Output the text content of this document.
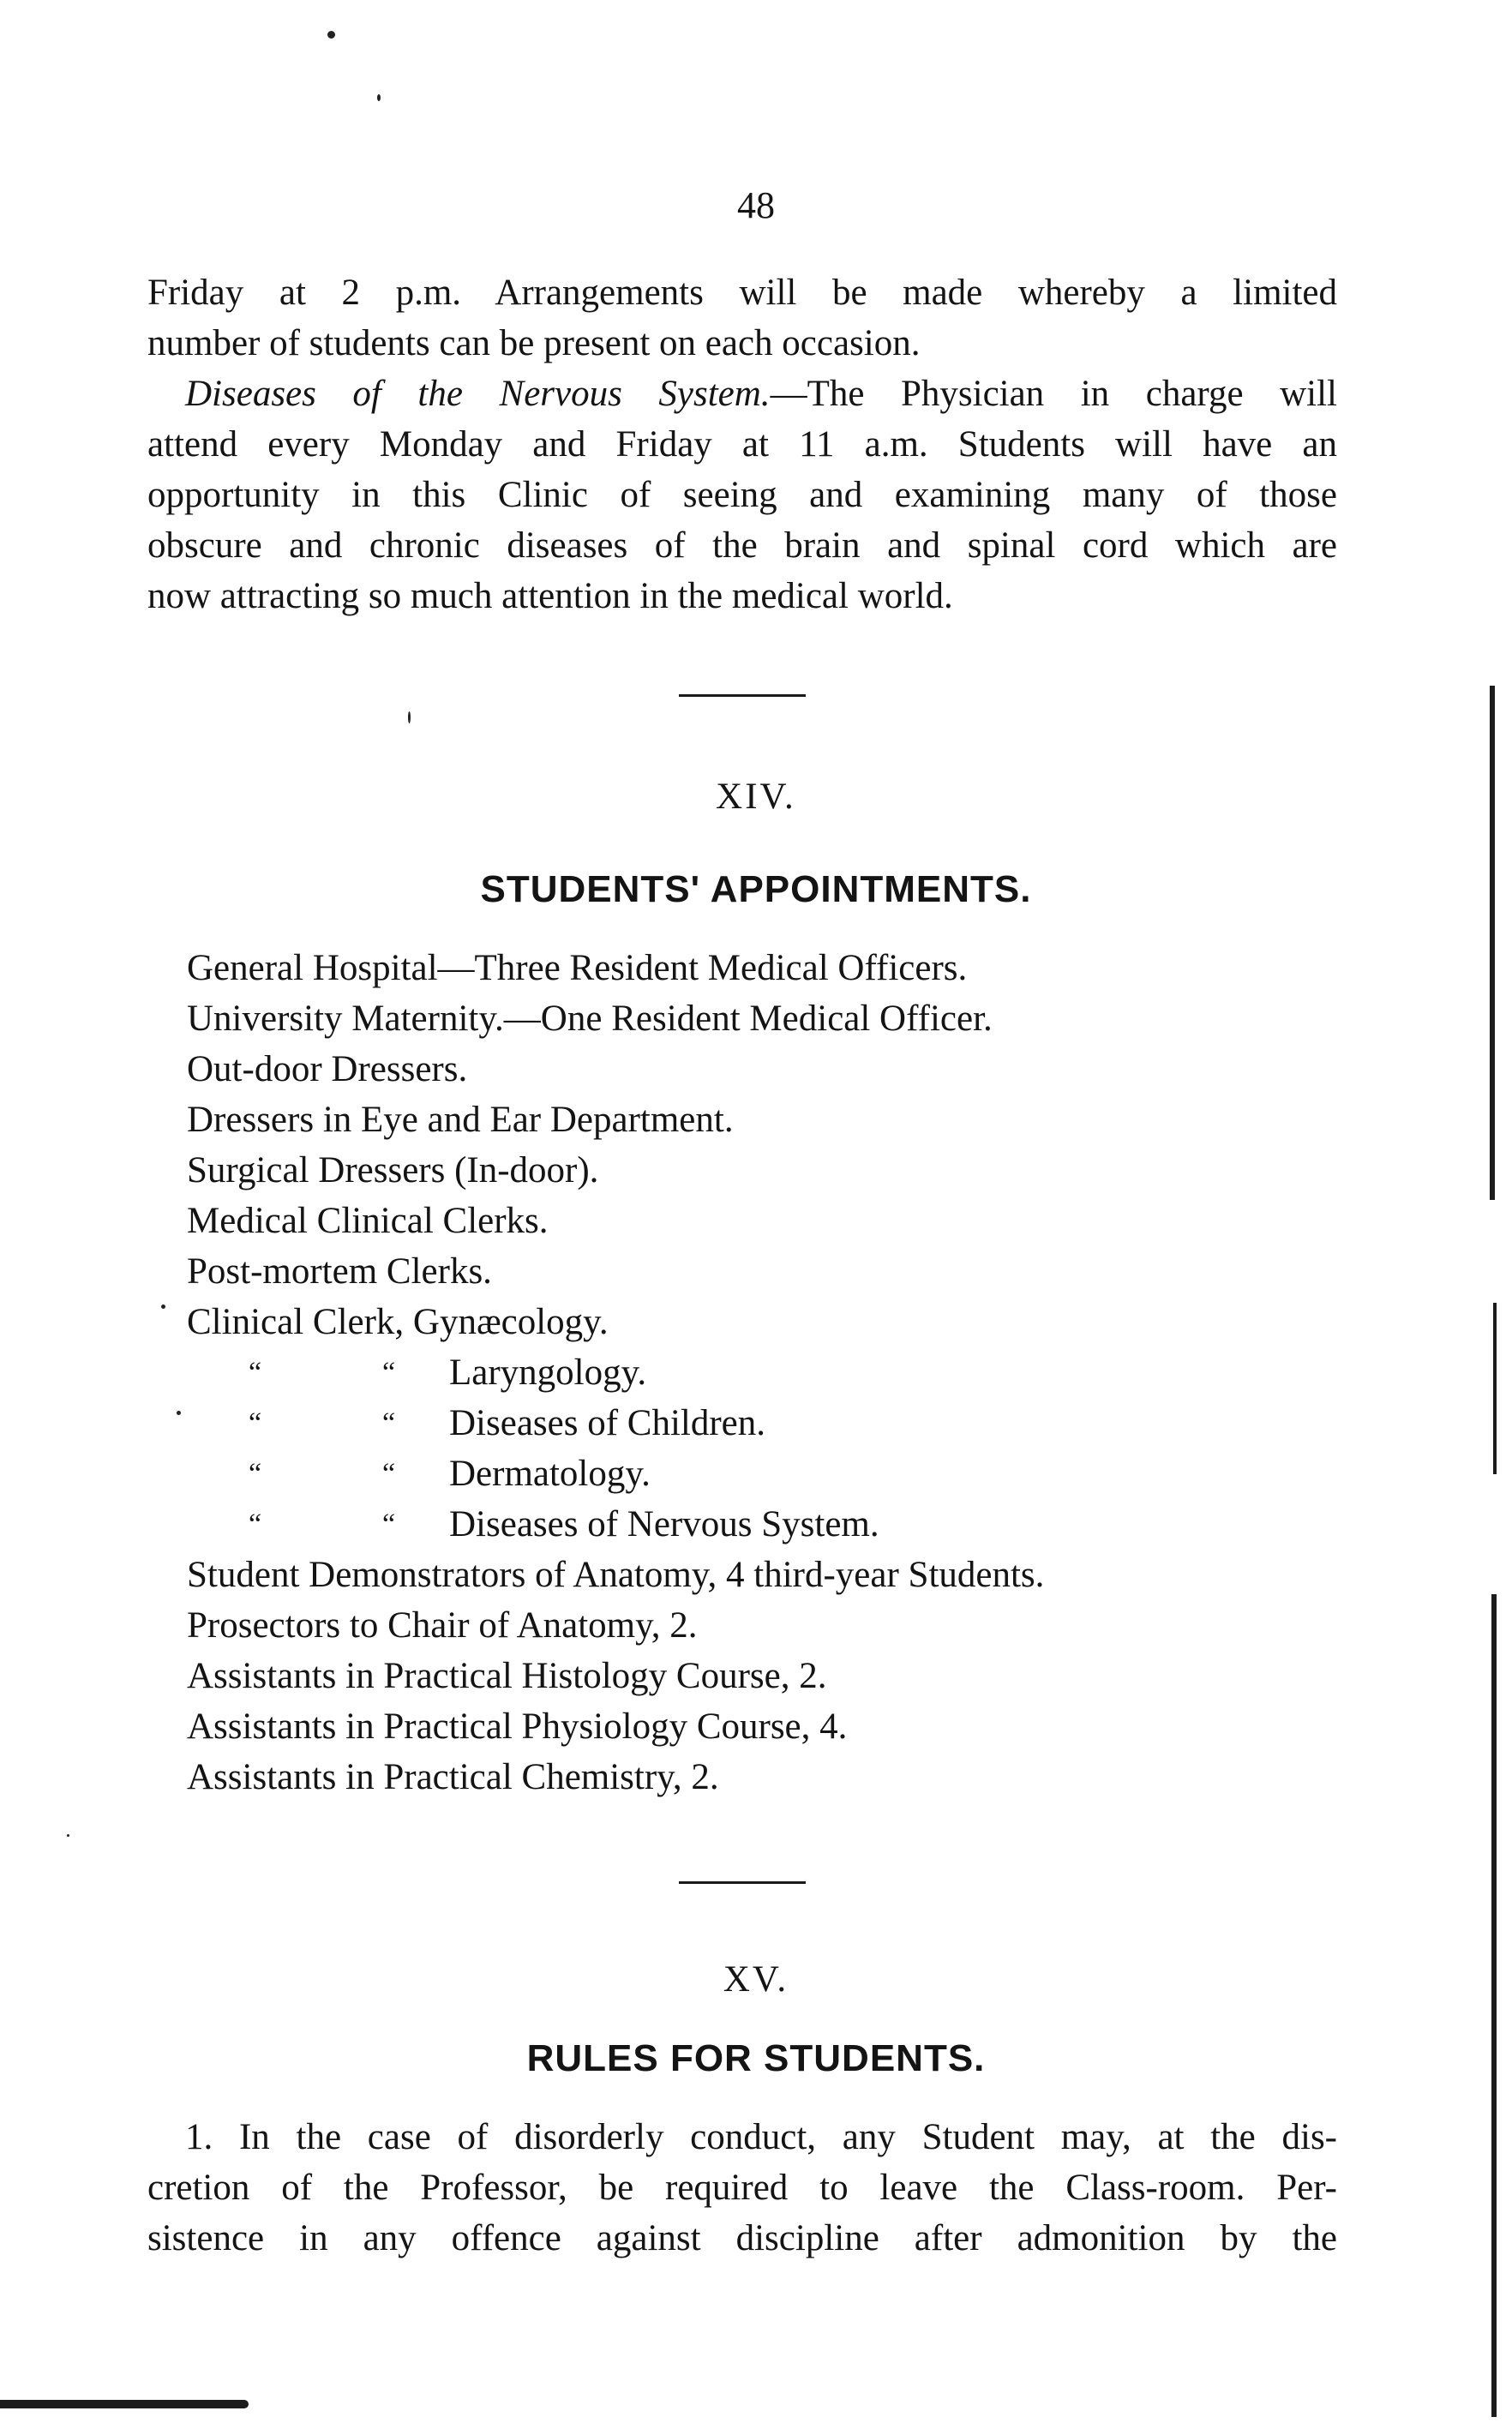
48
Friday at 2 p.m. Arrangements will be made whereby a limited
number of students can be present on each occasion.
Diseases of the Nervous System.—The Physician in charge will
attend every Monday and Friday at 11 a.m. Students will have an
opportunity in this Clinic of seeing and examining many of those
obscure and chronic diseases of the brain and spinal cord which are
now attracting so much attention in the medical world.
XIV.
STUDENTS' APPOINTMENTS.
General Hospital—Three Resident Medical Officers.
University Maternity.—One Resident Medical Officer.
Out-door Dressers.
Dressers in Eye and Ear Department.
Surgical Dressers (In-door).
Medical Clinical Clerks.
Post-mortem Clerks.
Clinical Clerk, Gynæcology.
“	“ Laryngology.
“	“ Diseases of Children.
“	“ Dermatology.
“	“ Diseases of Nervous System.
Student Demonstrators of Anatomy, 4 third-year Students.
Prosectors to Chair of Anatomy, 2.
Assistants in Practical Histology Course, 2.
Assistants in Practical Physiology Course, 4.
Assistants in Practical Chemistry, 2.
XV.
RULES FOR STUDENTS.
1. In the case of disorderly conduct, any Student may, at the dis-
cretion of the Professor, be required to leave the Class-room. Per-
sistence in any offence against discipline after admonition by the
